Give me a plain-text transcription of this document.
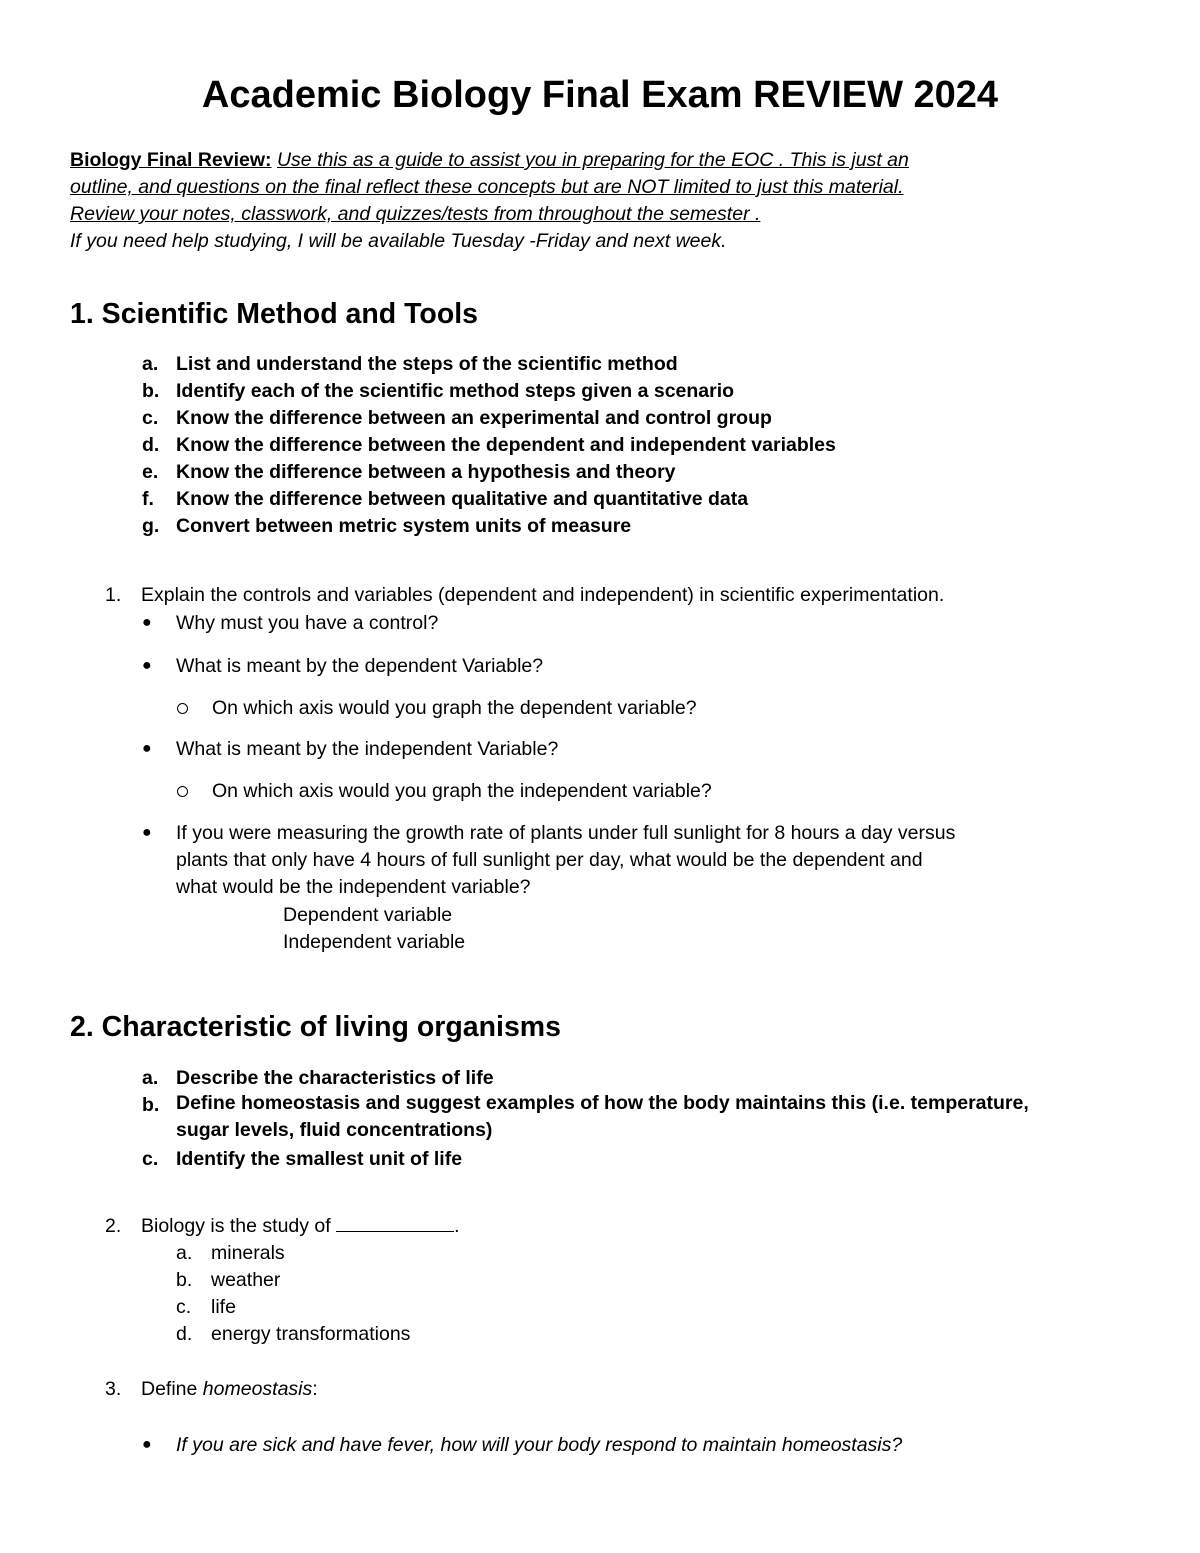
Academic Biology Final Exam REVIEW 2024
Biology Final Review: Use this as a guide to assist you in preparing for the EOC . This is just an
outline, and questions on the final reflect these concepts but are NOT limited to just this material.
Review your notes, classwork, and quizzes/tests from throughout the semester .
If you need help studying, I will be available Tuesday -Friday and next week.
1. Scientific Method and Tools
a. List and understand the steps of the scientific method
b. Identify each of the scientific method steps given a scenario
c. Know the difference between an experimental and control group
d. Know the difference between the dependent and independent variables
e. Know the difference between a hypothesis and theory
f. Know the difference between qualitative and quantitative data
g. Convert between metric system units of measure
1. Explain the controls and variables (dependent and independent) in scientific experimentation.
● Why must you have a control?
● What is meant by the dependent Variable?
On which axis would you graph the dependent variable?
● What is meant by the independent Variable?
On which axis would you graph the independent variable?
● If you were measuring the growth rate of plants under full sunlight for 8 hours a day versus
plants that only have 4 hours of full sunlight per day, what would be the dependent and
what would be the independent variable?
Dependent variable
Independent variable
2. Characteristic of living organisms
a. Describe the characteristics of life
b. Define homeostasis and suggest examples of how the body maintains this (i.e. temperature, sugar levels, fluid concentrations)
c. Identify the smallest unit of life
2. Biology is the study of	.
a. minerals
b. weather
c. life
d. energy transformations
3. Define homeostasis:
● If you are sick and have fever, how will your body respond to maintain homeostasis?
